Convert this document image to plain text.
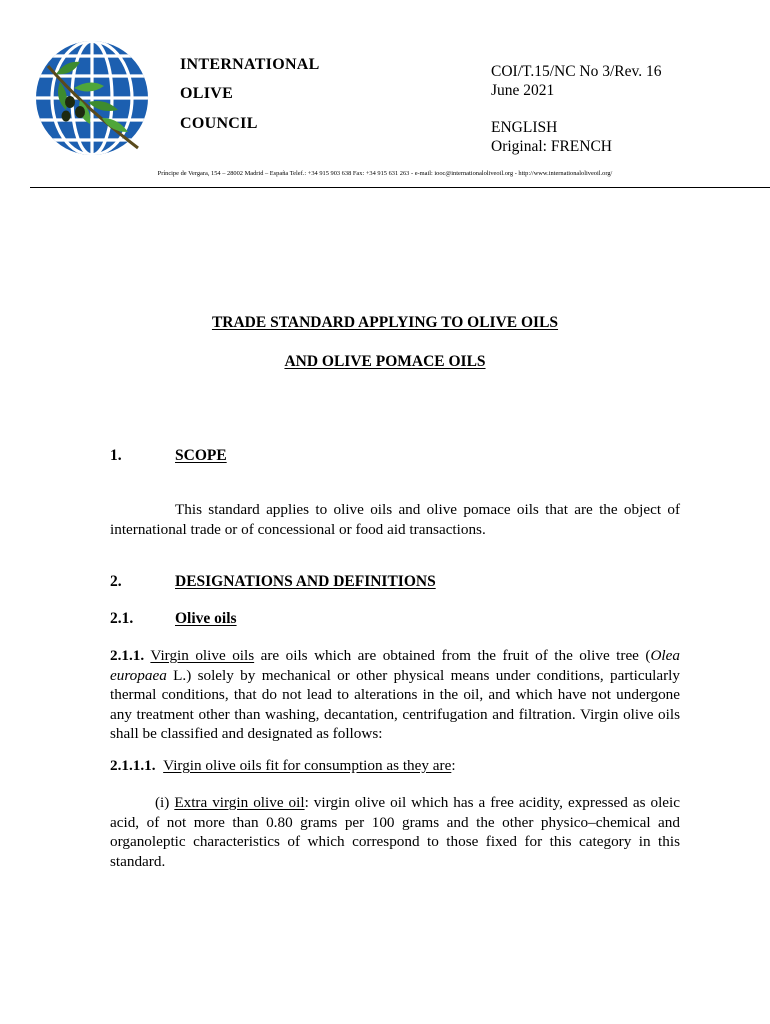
INTERNATIONAL
OLIVE
COUNCIL
COI/T.15/NC No 3/Rev. 16
June 2021
ENGLISH
Original: FRENCH
Príncipe de Vergara, 154 – 28002 Madrid – España Telef.: +34 915 903 638 Fax: +34 915 631 263 - e-mail: iooc@internationaloliveoil.org - http://www.internationaloliveoil.org/
TRADE STANDARD APPLYING TO OLIVE OILS
AND OLIVE POMACE OILS
1.	SCOPE
This standard applies to olive oils and olive pomace oils that are the object of international trade or of concessional or food aid transactions.
2.	DESIGNATIONS AND DEFINITIONS
2.1.	Olive oils
2.1.1. Virgin olive oils are oils which are obtained from the fruit of the olive tree (Olea europaea L.) solely by mechanical or other physical means under conditions, particularly thermal conditions, that do not lead to alterations in the oil, and which have not undergone any treatment other than washing, decantation, centrifugation and filtration. Virgin olive oils shall be classified and designated as follows:
2.1.1.1. Virgin olive oils fit for consumption as they are:
(i) Extra virgin olive oil: virgin olive oil which has a free acidity, expressed as oleic acid, of not more than 0.80 grams per 100 grams and the other physico–chemical and organoleptic characteristics of which correspond to those fixed for this category in this standard.
